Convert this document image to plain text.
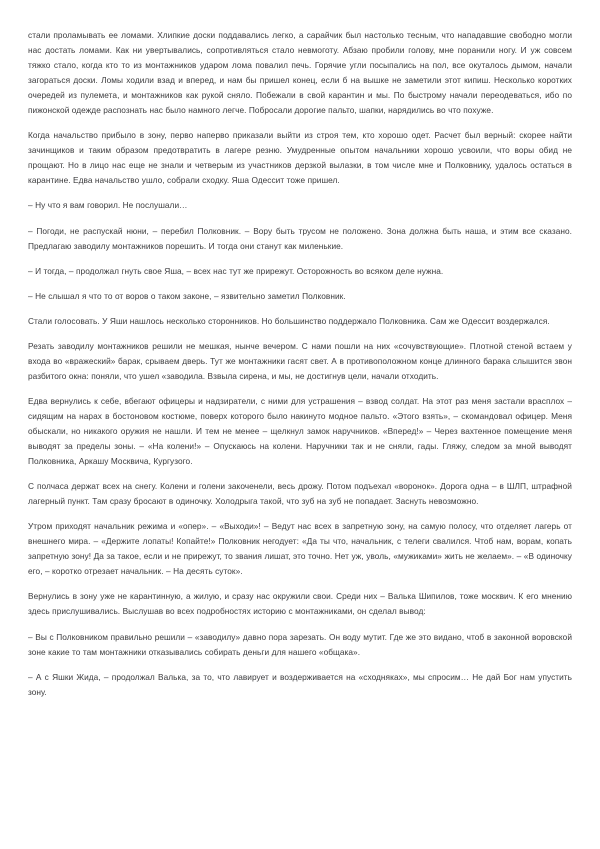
стали проламывать ее ломами. Хлипкие доски поддавались легко, а сарайчик был настолько тесным, что нападавшие свободно могли нас достать ломами. Как ни увертывались, сопротивляться стало невмоготу. Абзаю пробили голову, мне поранили ногу. И уж совсем тяжко стало, когда кто то из монтажников ударом лома повалил печь. Горячие угли посыпались на пол, все окуталось дымом, начали загораться доски. Ломы ходили взад и вперед, и нам бы пришел конец, если б на вышке не заметили этот кипиш. Несколько коротких очередей из пулемета, и монтажников как рукой сняло. Побежали в свой карантин и мы. По быстрому начали переодеваться, ибо по пижонской одежде распознать нас было намного легче. Побросали дорогие пальто, шапки, нарядились во что похуже.

Когда начальство прибыло в зону, перво наперво приказали выйти из строя тем, кто хорошо одет. Расчет был верный: скорее найти зачинщиков и таким образом предотвратить в лагере резню. Умудренные опытом начальники хорошо усвоили, что воры обид не прощают. Но в лицо нас еще не знали и четверым из участников дерзкой вылазки, в том числе мне и Полковнику, удалось остаться в карантине. Едва начальство ушло, собрали сходку. Яша Одессит тоже пришел.

– Ну что я вам говорил. Не послушали…

– Погоди, не распускай нюни, – перебил Полковник. – Вору быть трусом не положено. Зона должна быть наша, и этим все сказано. Предлагаю заводилу монтажников порешить. И тогда они станут как миленькие.

– И тогда, – продолжал гнуть свое Яша, – всех нас тут же прирежут. Осторожность во всяком деле нужна.

– Не слышал я что то от воров о таком законе, – язвительно заметил Полковник.

Стали голосовать. У Яши нашлось несколько сторонников. Но большинство поддержало Полковника. Сам же Одессит воздержался.

Резать заводилу монтажников решили не мешкая, нынче вечером. С нами пошли на них «сочувствующие». Плотной стеной встаем у входа во «вражеский» барак, срываем дверь. Тут же монтажники гасят свет. А в противоположном конце длинного барака слышится звон разбитого окна: поняли, что ушел «заводила. Взвыла сирена, и мы, не достигнув цели, начали отходить.

Едва вернулись к себе, вбегают офицеры и надзиратели, с ними для устрашения – взвод солдат. На этот раз меня застали врасплох – сидящим на нарах в бостоновом костюме, поверх которого было накинуто модное пальто. «Этого взять», – скомандовал офицер. Меня обыскали, но никакого оружия не нашли. И тем не менее – щелкнул замок наручников. «Вперед!» – Через вахтенное помещение меня выводят за пределы зоны. – «На колени!» – Опускаюсь на колени. Наручники так и не сняли, гады. Гляжу, следом за мной выводят Полковника, Аркашу Москвича, Кургузого.

С полчаса держат всех на снегу. Колени и голени закоченели, весь дрожу. Потом подъехал «воронок». Дорога одна – в ШЛП, штрафной лагерный пункт. Там сразу бросают в одиночку. Холодрыга такой, что зуб на зуб не попадает. Заснуть невозможно.

Утром приходят начальник режима и «опер». – «Выходи»! – Ведут нас всех в запретную зону, на самую полосу, что отделяет лагерь от внешнего мира. – «Держите лопаты! Копайте!» Полковник негодует: «Да ты что, начальник, с телеги свалился. Чтоб нам, ворам, копать запретную зону! Да за такое, если и не прирежут, то звания лишат, это точно. Нет уж, уволь, «мужиками» жить не желаем». – «В одиночку его, – коротко отрезает начальник. – На десять суток».

Вернулись в зону уже не карантинную, а жилую, и сразу нас окружили свои. Среди них – Валька Шипилов, тоже москвич. К его мнению здесь прислушивались. Выслушав во всех подробностях историю с монтажниками, он сделал вывод:

– Вы с Полковником правильно решили – «заводилу» давно пора зарезать. Он воду мутит. Где же это видано, чтоб в законной воровской зоне какие то там монтажники отказывались собирать деньги для нашего «общака».

– А с Яшки Жида, – продолжал Валька, за то, что лавирует и воздерживается на «сходняках», мы спросим… Не дай Бог нам упустить зону.
